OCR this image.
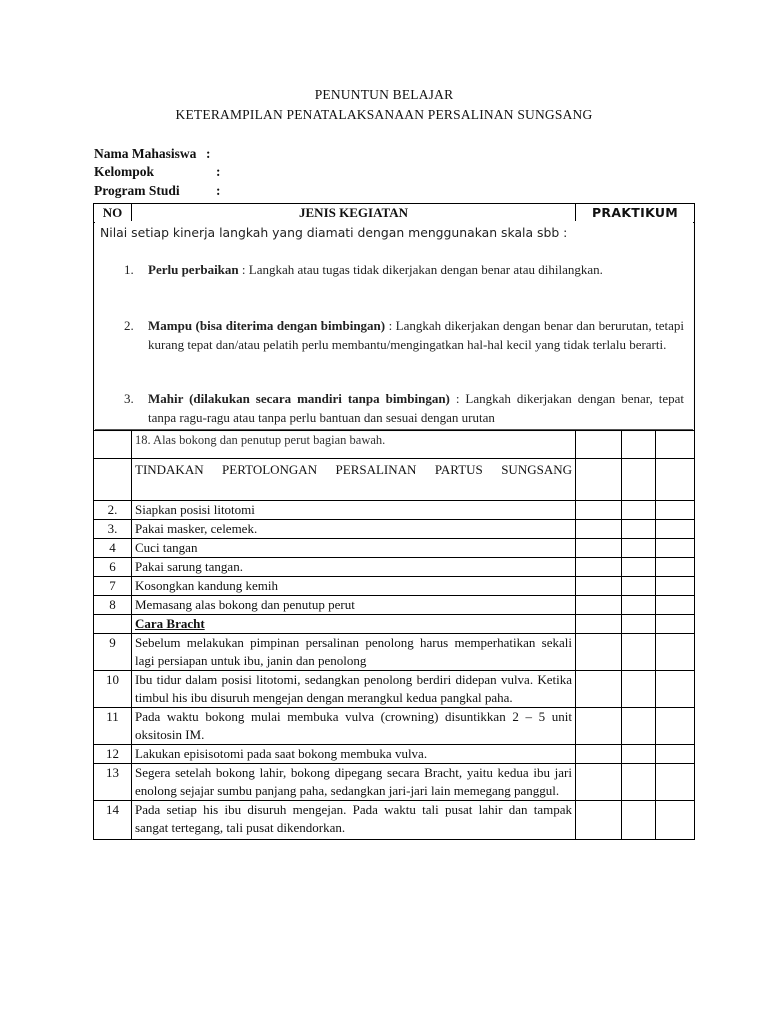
PENUNTUN BELAJAR
KETERAMPILAN PENATALAKSANAAN PERSALINAN SUNGSANG
Nama Mahasiswa :
Kelompok	:
Program Studi	:
NO	JENIS KEGIATAN	PRAKTIKUM		

	18. Alas bokong dan penutup perut bagian bawah.			
	TINDAKAN PERTOLONGAN PERSALINAN PARTUS SUNGSANG			
2.	Siapkan posisi litotomi			
3.	Pakai masker, celemek.			
4	Cuci tangan			
6	Pakai sarung tangan.			
7	Kosongkan kandung kemih			
8	Memasang alas bokong dan penutup perut			
	Cara Bracht			
9	Sebelum melakukan pimpinan persalinan penolong harus memperhatikan sekali lagi persiapan untuk ibu, janin dan penolong			
10	Ibu tidur dalam posisi litotomi, sedangkan penolong berdiri didepan vulva. Ketika timbul his ibu disuruh mengejan dengan merangkul kedua pangkal paha.			
11	Pada waktu bokong mulai membuka vulva (crowning) disuntikkan 2 – 5 unit oksitosin IM.			
12	Lakukan episisotomi pada saat bokong membuka vulva.			
13	Segera setelah bokong lahir, bokong dipegang secara Bracht, yaitu kedua ibu jari enolong sejajar sumbu panjang paha, sedangkan jari-jari lain memegang panggul.			
14	Pada setiap his ibu disuruh mengejan. Pada waktu tali pusat lahir dan tampak sangat tertegang, tali pusat dikendorkan.			
Nilai setiap kinerja langkah yang diamati dengan menggunakan skala sbb :
1. Perlu perbaikan : Langkah atau tugas tidak dikerjakan dengan benar atau dihilangkan.
2. Mampu (bisa diterima dengan bimbingan) : Langkah dikerjakan dengan benar dan berurutan, tetapi kurang tepat dan/atau pelatih perlu membantu/mengingatkan hal-hal kecil yang tidak terlalu berarti.
3. Mahir (dilakukan secara mandiri tanpa bimbingan) : Langkah dikerjakan dengan benar, tepat tanpa ragu-ragu atau tanpa perlu bantuan dan sesuai dengan urutan
